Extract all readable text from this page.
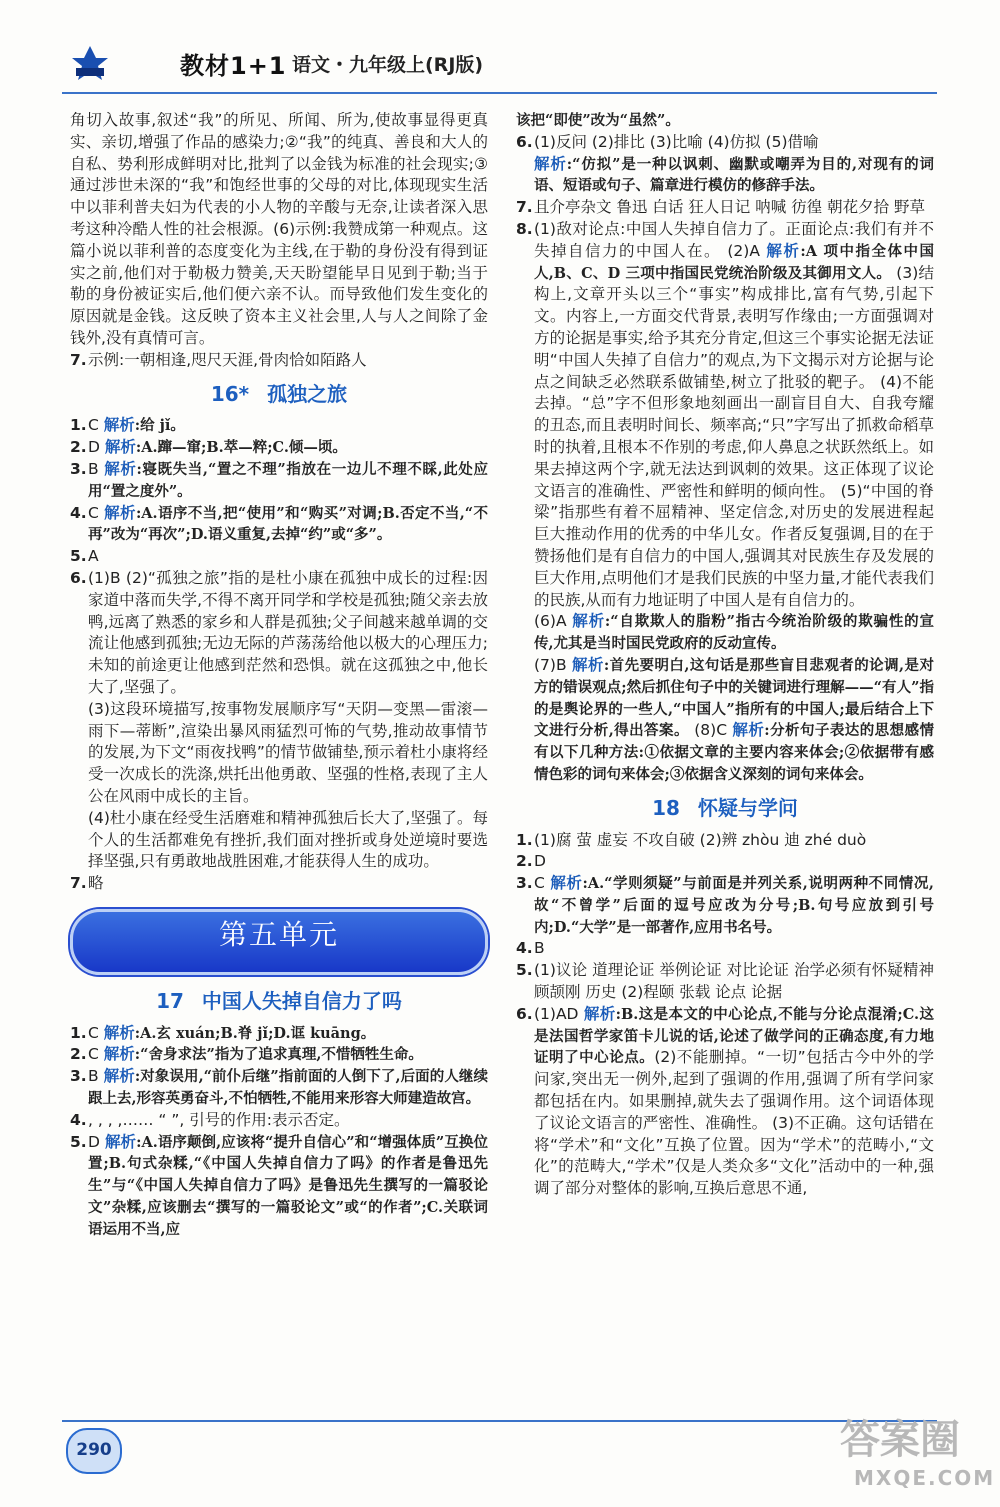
教材1+1 语文・九年级上(RJ版)

角切入故事,叙述“我”的所见、所闻、所为,使故事显得更真实、亲切,增强了作品的感染力;②“我”的纯真、善良和大人的自私、势利形成鲜明对比,批判了以金钱为标准的社会现实;③通过涉世未深的“我”和饱经世事的父母的对比,体现现实生活中以菲利普夫妇为代表的小人物的辛酸与无奈,让读者深入思考这种冷酷人性的社会根源。(6)示例:我赞成第一种观点。这篇小说以菲利普的态度变化为主线,在于勒的身份没有得到证实之前,他们对于勒极力赞美,天天盼望能早日见到于勒;当于勒的身份被证实后,他们便六亲不认。而导致他们发生变化的原因就是金钱。这反映了资本主义社会里,人与人之间除了金钱外,没有真情可言。

7. 示例:一朝相逢,咫尺天涯,骨肉恰如陌路人
16* 孤独之旅
1. C 解析:给 jǐ。
2. D 解析:A.蹿—窜;B.萃—粹;C.倾—顷。
3. B 解析:寝既失当,“置之不理”指放在一边儿不理不睬,此处应用“置之度外”。
4. C 解析:A.语序不当,把“使用”和“购买”对调;B.否定不当,“不再”改为“再次”;D.语义重复,去掉“约”或“多”。
5. A
6. (1)B (2)“孤独之旅”指的是杜小康在孤独中成长的过程:因家道中落而失学,不得不离开同学和学校是孤独;随父亲去放鸭,远离了熟悉的家乡和人群是孤独;父子间越来越单调的交流让他感到孤独;无边无际的芦荡荡给他以极大的心理压力;未知的前途更让他感到茫然和恐惧。就在这孤独之中,他长大了,坚强了。
(3)这段环境描写,按事物发展顺序写“天阴—变黑—雷滚—雨下—蒂断”,渲染出暴风雨猛烈可怖的气势,推动故事情节的发展,为下文“雨夜找鸭”的情节做铺垫,预示着杜小康将经受一次成长的洗涤,烘托出他勇敢、坚强的性格,表现了主人公在风雨中成长的主旨。
(4)杜小康在经受生活磨难和精神孤独后长大了,坚强了。每个人的生活都难免有挫折,我们面对挫折或身处逆境时要选择坚强,只有勇敢地战胜困难,才能获得人生的成功。
7. 略
第五单元
17 中国人失掉自信力了吗
1. C 解析:A.玄 xuán;B.脊 jǐ;D.诓 kuāng。
2. C 解析:“舍身求法”指为了追求真理,不惜牺牲生命。
3. B 解析:对象误用,“前仆后继”指前面的人倒下了,后面的人继续跟上去,形容英勇奋斗,不怕牺牲,不能用来形容大师建造故宫。
4. , , , ,…… “ ”, 引号的作用:表示否定。
5. D 解析:A.语序颠倒,应该将“提升自信心”和“增强体质”互换位置;B.句式杂糅,“《中国人失掉自信力了吗》的作者是鲁迅先生”与“《中国人失掉自信力了吗》是鲁迅先生撰写的一篇驳论文”杂糅,应该删去“撰写的一篇驳论文”或“的作者”;C.关联词语运用不当,应

该把“即使”改为“虽然”。

6. (1)反问 (2)排比 (3)比喻 (4)仿拟 (5)借喻
解析:“仿拟”是一种以讽刺、幽默或嘲弄为目的,对现有的词语、短语或句子、篇章进行模仿的修辞手法。
7. 且介亭杂文 鲁迅 白话 狂人日记 呐喊 彷徨 朝花夕拾 野草
8. (1)敌对论点:中国人失掉自信力了。正面论点:我们有并不失掉自信力的中国人在。 (2)A 解析:A 项中指全体中国人,B、C、D 三项中指国民党统治阶级及其御用文人。 (3)结构上,文章开头以三个“事实”构成排比,富有气势,引起下文。内容上,一方面交代背景,表明写作缘由;一方面强调对方的论据是事实,给予其充分肯定,但这三个事实论据无法证明“中国人失掉了自信力”的观点,为下文揭示对方论据与论点之间缺乏必然联系做铺垫,树立了批驳的靶子。 (4)不能去掉。“总”字不但形象地刻画出一副盲目自大、自我夸耀的丑态,而且表明时间长、频率高;“只”字写出了抓救命稻草时的执着,且根本不作别的考虑,仰人鼻息之状跃然纸上。如果去掉这两个字,就无法达到讽刺的效果。这正体现了议论文语言的准确性、严密性和鲜明的倾向性。 (5)“中国的脊梁”指那些有着不屈精神、坚定信念,对历史的发展进程起巨大推动作用的优秀的中华儿女。作者反复强调,目的在于赞扬他们是有自信力的中国人,强调其对民族生存及发展的巨大作用,点明他们才是我们民族的中坚力量,才能代表我们的民族,从而有力地证明了中国人是有自信力的。
(6)A 解析:“自欺欺人的脂粉”指古今统治阶级的欺骗性的宣传,尤其是当时国民党政府的反动宣传。
(7)B 解析:首先要明白,这句话是那些盲目悲观者的论调,是对方的错误观点;然后抓住句子中的关键词进行理解——“有人”指的是舆论界的一些人,“中国人”指所有的中国人;最后结合上下文进行分析,得出答案。 (8)C 解析:分析句子表达的思想感情有以下几种方法:①依据文章的主要内容来体会;②依据带有感情色彩的词句来体会;③依据含义深刻的词句来体会。
18 怀疑与学问
1. (1)腐 萤 虚妄 不攻自破 (2)辨 zhòu 迪 zhé duò
2. D
3. C 解析:A.“学则须疑”与前面是并列关系,说明两种不同情况,故“不曾学”后面的逗号应改为分号;B.句号应放到引号内;D.“大学”是一部著作,应用书名号。
4. B
5. (1)议论 道理论证 举例论证 对比论证 治学必须有怀疑精神 顾颉刚 历史 (2)程颐 张载 论点 论据
6. (1)AD 解析:B.这是本文的中心论点,不能与分论点混淆;C.这是法国哲学家笛卡儿说的话,论述了做学问的正确态度,有力地证明了中心论点。(2)不能删掉。“一切”包括古今中外的学问家,突出无一例外,起到了强调的作用,强调了所有学问家都包括在内。如果删掉,就失去了强调作用。这个词语体现了议论文语言的严密性、准确性。 (3)不正确。这句话错在将“学术”和“文化”互换了位置。因为“学术”的范畴小,“文化”的范畴大,“学术”仅是人类众多“文化”活动中的一种,强调了部分对整体的影响,互换后意思不通,
290	答案圈
MXQE.COM
